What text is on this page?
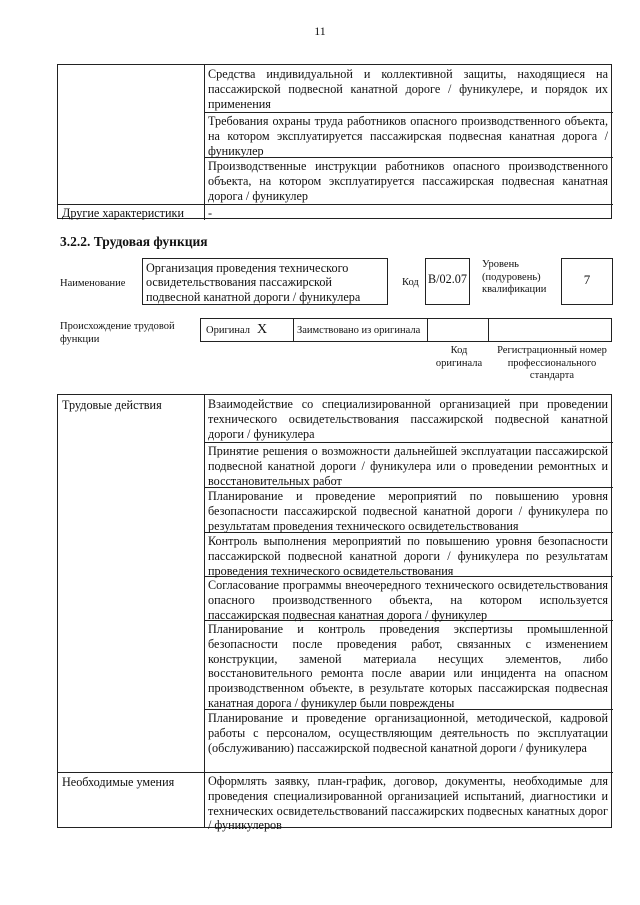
11
Средства индивидуальной и коллективной защиты, находящиеся на пассажирской подвесной канатной дороге / фуникулере, и порядок их применения
Требования охраны труда работников опасного производственного объекта, на котором эксплуатируется пассажирская подвесная канатная дорога / фуникулер
Производственные инструкции работников опасного производственного объекта, на котором эксплуатируется пассажирская подвесная канатная дорога / фуникулер
Другие характеристики -
3.2.2. Трудовая функция
Наименование
Организация проведения технического освидетельствования пассажирской подвесной канатной дороги / фуникулера
Код B/02.07
Уровень (подуровень) квалификации
7
Происхождение трудовой функции
Оригинал X	Заимствовано из оригинала
Код оригинала
Регистрационный номер профессионального стандарта
Трудовые действия	Взаимодействие со специализированной организацией при проведении технического освидетельствования пассажирской подвесной канатной дороги / фуникулера
Принятие решения о возможности дальнейшей эксплуатации пассажирской подвесной канатной дороги / фуникулера или о проведении ремонтных и восстановительных работ
Планирование и проведение мероприятий по повышению уровня безопасности пассажирской подвесной канатной дороги / фуникулера по результатам проведения технического освидетельствования
Контроль выполнения мероприятий по повышению уровня безопасности пассажирской подвесной канатной дороги / фуникулера по результатам проведения технического освидетельствования
Согласование программы внеочередного технического освидетельствования опасного производственного объекта, на котором используется пассажирская подвесная канатная дорога / фуникулер
Планирование и контроль проведения экспертизы промышленной безопасности после проведения работ, связанных с изменением конструкции, заменой материала несущих элементов, либо восстановительного ремонта после аварии или инцидента на опасном производственном объекте, в результате которых пассажирская подвесная канатная дорога / фуникулер были повреждены
Планирование и проведение организационной, методической, кадровой работы с персоналом, осуществляющим деятельность по эксплуатации (обслуживанию) пассажирской подвесной канатной дороги / фуникулера
Необходимые умения	Оформлять заявку, план-график, договор, документы, необходимые для проведения специализированной организацией испытаний, диагностики и технических освидетельствований пассажирских подвесных канатных дорог / фуникулеров
